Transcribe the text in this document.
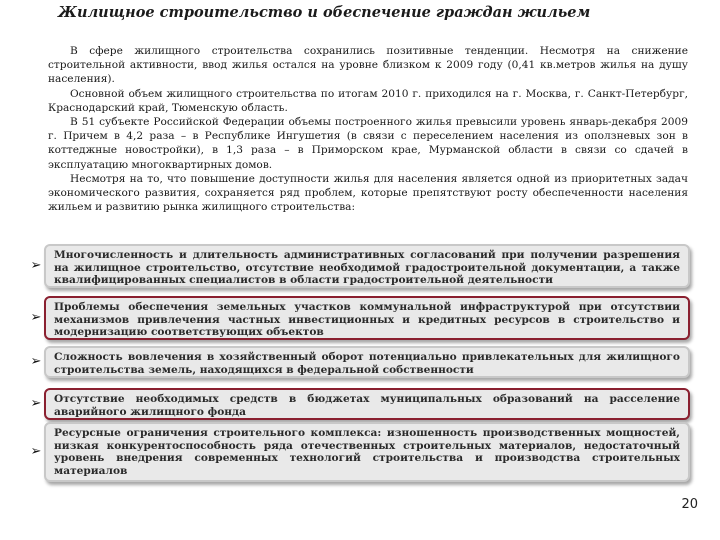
Жилищное строительство и обеспечение граждан жильем

В сфере жилищного строительства сохранились позитивные тенденции. Несмотря на снижение строительной активности, ввод жилья остался на уровне близком к 2009 году (0,41 кв.метров жилья на душу населения).

Основной объем жилищного строительства по итогам 2010 г. приходился на г. Москва, г. Санкт-Петербург, Краснодарский край, Тюменскую область.

В 51 субъекте Российской Федерации объемы построенного жилья превысили уровень январь-декабря 2009 г. Причем в 4,2 раза – в Республике Ингушетия (в связи с переселением населения из оползневых зон в коттеджные новостройки), в 1,3 раза – в Приморском крае, Мурманской области в связи со сдачей в эксплуатацию многоквартирных домов.

Несмотря на то, что повышение доступности жилья для населения является одной из приоритетных задач экономического развития, сохраняется ряд проблем, которые препятствуют росту обеспеченности населения жильем и развитию рынка жилищного строительства:

➢
Многочисленность и длительность административных согласований при получении разрешения на жилищное строительство, отсутствие необходимой градостроительной документации, а также квалифицированных специалистов в области градостроительной деятельности
➢
Проблемы обеспечения земельных участков коммунальной инфраструктурой при отсутствии механизмов привлечения частных инвестиционных и кредитных ресурсов в строительство и модернизацию соответствующих объектов
➢	Сложность вовлечения в хозяйственный оборот потенциально привлекательных для жилищного строительства земель, находящихся в федеральной собственности
➢	Отсутствие необходимых средств в бюджетах муниципальных образований на расселение аварийного жилищного фонда
➢
Ресурсные ограничения строительного комплекса: изношенность производственных мощностей, низкая конкурентоспособность ряда отечественных строительных материалов, недостаточный уровень внедрения современных технологий строительства и производства строительных материалов
20
